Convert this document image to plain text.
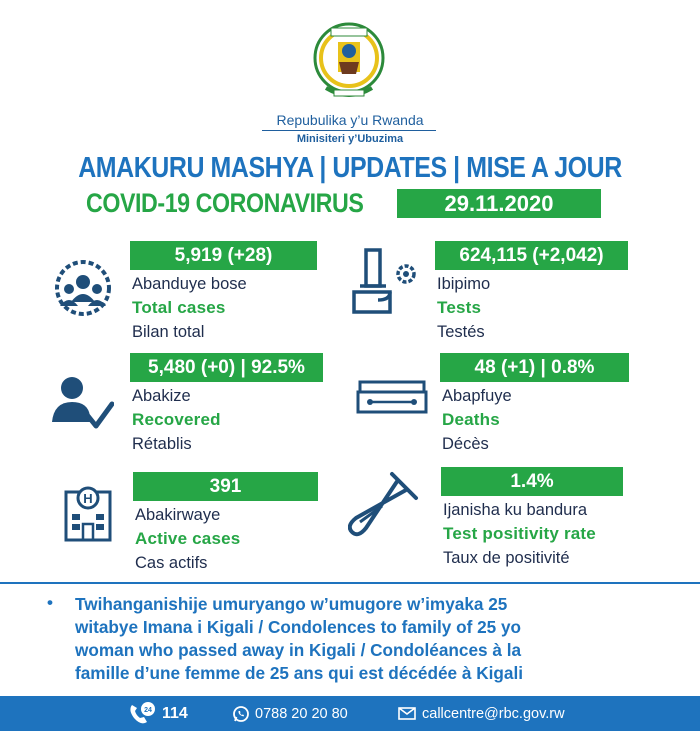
Repubulika y’u Rwanda
Minisiteri y’Ubuzima
AMAKURU MASHYA | UPDATES | MISE A JOUR
COVID-19 CORONAVIRUS	29.11.2020
5,919 (+28)
Abanduye bose
Total cases
Bilan total
624,115 (+2,042)
Ibipimo
Tests
Testés
5,480 (+0) | 92.5%
Abakize
Recovered
Rétablis
48 (+1) | 0.8%
Abapfuye
Deaths
Décès
H
391
Abakirwaye
Active cases
Cas actifs
1.4%
Ijanisha ku bandura
Test positivity rate
Taux de positivité
• Twihanganishije umuryango w’umugore w’imyaka 25
witabye Imana i Kigali / Condolences to family of 25 yo
woman who passed away in Kigali / Condoléances à la
famille d’une femme de 25 ans qui est décédée à Kigali
24 114	0788 20 20 80	callcentre@rbc.gov.rw
